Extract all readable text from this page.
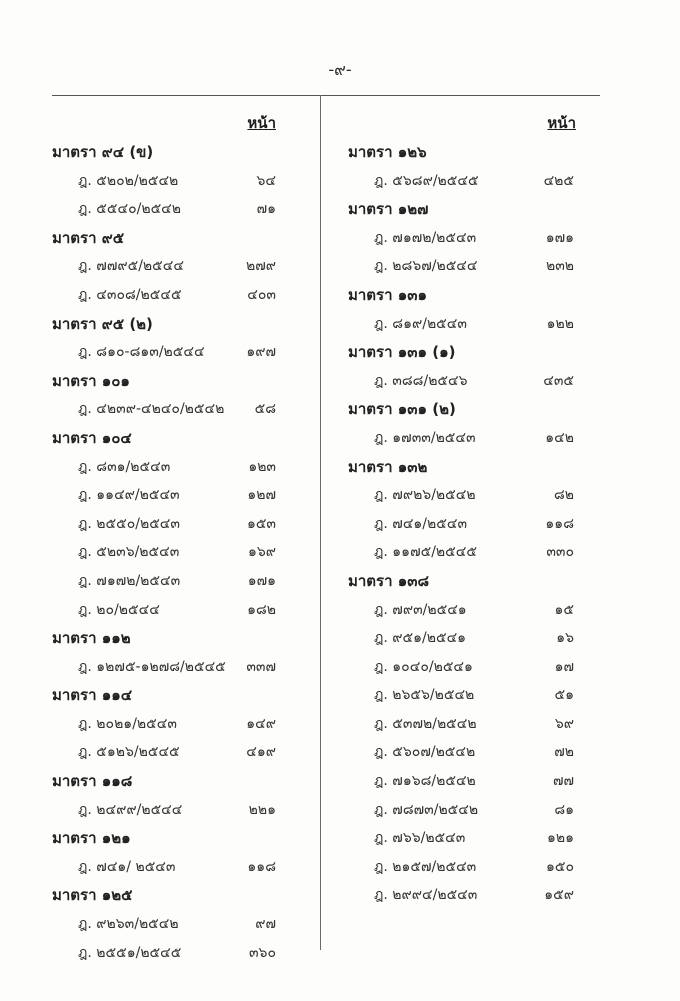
-๙-
หน้า
มาตรา ๙๔ (ข)
ฎ. ๕๒๐๒/๒๕๔๒	๖๔
ฎ. ๕๕๔๐/๒๕๔๒	๗๑
มาตรา ๙๕
ฎ. ๗๗๙๕/๒๕๔๔	๒๗๙
ฎ. ๔๓๐๘/๒๕๔๕	๔๐๓
มาตรา ๙๕ (๒)
ฎ. ๘๑๐-๘๑๓/๒๕๔๔	๑๙๗
มาตรา ๑๐๑
ฎ. ๔๒๓๙-๔๒๔๐/๒๕๔๒ ๕๘
มาตรา ๑๐๔
ฎ. ๘๓๑/๒๕๔๓	๑๒๓
ฎ. ๑๑๔๙/๒๕๔๓	๑๒๗
ฎ. ๒๕๕๐/๒๕๔๓	๑๕๓
ฎ. ๕๒๓๖/๒๕๔๓	๑๖๙
ฎ. ๗๑๗๒/๒๕๔๓	๑๗๑
ฎ. ๒๐/๒๕๔๔	๑๘๒
มาตรา ๑๑๒
ฎ. ๑๒๗๕-๑๒๗๘/๒๕๔๕ ๓๓๗
มาตรา ๑๑๔
ฎ. ๒๐๒๑/๒๕๔๓	๑๔๙
ฎ. ๕๑๒๖/๒๕๔๕	๔๑๙
มาตรา ๑๑๘
ฎ. ๒๔๙๙/๒๕๔๔	๒๒๑
มาตรา ๑๒๑
ฎ. ๗๔๑/ ๒๕๔๓	๑๑๘
มาตรา ๑๒๕
ฎ. ๙๒๖๓/๒๕๔๒	๙๗
ฎ. ๒๕๕๑/๒๕๔๕	๓๖๐
หน้า
มาตรา ๑๒๖
ฎ. ๕๖๘๙/๒๕๔๕	๔๒๕
มาตรา ๑๒๗
ฎ. ๗๑๗๒/๒๕๔๓	๑๗๑
ฎ. ๒๘๖๗/๒๕๔๔	๒๓๒
มาตรา ๑๓๑
ฎ. ๘๑๙/๒๕๔๓	๑๒๒
มาตรา ๑๓๑ (๑)
ฎ. ๓๘๘/๒๕๔๖	๔๓๕
มาตรา ๑๓๑ (๒)
ฎ. ๑๗๓๓/๒๕๔๓	๑๔๒
มาตรา ๑๓๒
ฎ. ๗๙๒๖/๒๕๔๒	๘๒
ฎ. ๗๔๑/๒๕๔๓	๑๑๘
ฎ. ๑๑๗๕/๒๕๔๕	๓๓๐
มาตรา ๑๓๘
ฎ. ๗๙๓/๒๕๔๑	๑๕
ฎ. ๙๕๑/๒๕๔๑	๑๖
ฎ. ๑๐๔๐/๒๕๔๑	๑๗
ฎ. ๒๖๕๖/๒๕๔๒	๕๑
ฎ. ๕๓๗๒/๒๕๔๒	๖๙
ฎ. ๕๖๐๗/๒๕๔๒	๗๒
ฎ. ๗๑๖๘/๒๕๔๒	๗๗
ฎ. ๗๘๗๓/๒๕๔๒	๘๑
ฎ. ๗๖๖/๒๕๔๓	๑๒๑
ฎ. ๒๑๕๗/๒๕๔๓	๑๕๐
ฎ. ๒๙๙๔/๒๕๔๓	๑๕๙
